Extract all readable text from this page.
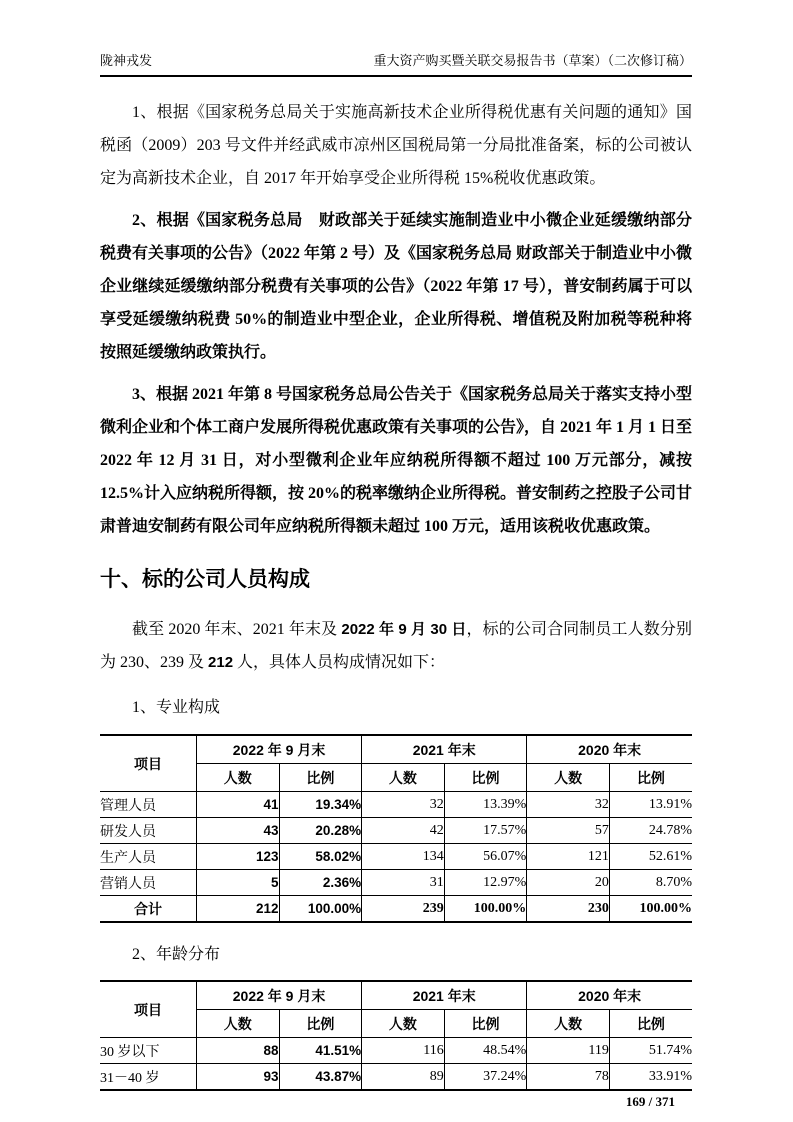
陇神戎发	重大资产购买暨关联交易报告书（草案）（二次修订稿）

1、根据《国家税务总局关于实施高新技术企业所得税优惠有关问题的通知》国税函（2009）203 号文件并经武威市凉州区国税局第一分局批准备案，标的公司被认定为高新技术企业，自 2017 年开始享受企业所得税 15%税收优惠政策。

2、根据《国家税务总局　财政部关于延续实施制造业中小微企业延缓缴纳部分税费有关事项的公告》（2022 年第 2 号）及《国家税务总局 财政部关于制造业中小微企业继续延缓缴纳部分税费有关事项的公告》（2022 年第 17 号），普安制药属于可以享受延缓缴纳税费 50%的制造业中型企业，企业所得税、增值税及附加税等税种将按照延缓缴纳政策执行。

3、根据 2021 年第 8 号国家税务总局公告关于《国家税务总局关于落实支持小型微利企业和个体工商户发展所得税优惠政策有关事项的公告》，自 2021 年 1 月 1 日至 2022 年 12 月 31 日，对小型微利企业年应纳税所得额不超过 100 万元部分，减按 12.5%计入应纳税所得额，按 20%的税率缴纳企业所得税。普安制药之控股子公司甘肃普迪安制药有限公司年应纳税所得额未超过 100 万元，适用该税收优惠政策。

十、标的公司人员构成

截至 2020 年末、2021 年末及 2022 年 9 月 30 日，标的公司合同制员工人数分别为 230、239 及 212 人，具体人员构成情况如下：

1、专业构成

项目	2022 年 9 月末		2021 年末		2020 年末	
	人数	比例	人数	比例	人数	比例
管理人员	41	19.34%	32	13.39%	32	13.91%
研发人员	43	20.28%	42	17.57%	57	24.78%
生产人员	123	58.02%	134	56.07%	121	52.61%
营销人员	5	2.36%	31	12.97%	20	8.70%
合计	212	100.00%	239	100.00%	230	100.00%

2、年龄分布

项目	2022 年 9 月末		2021 年末		2020 年末	
	人数	比例	人数	比例	人数	比例
30 岁以下	88	41.51%	116	48.54%	119	51.74%
31－40 岁	93	43.87%	89	37.24%	78	33.91%
169 / 371
